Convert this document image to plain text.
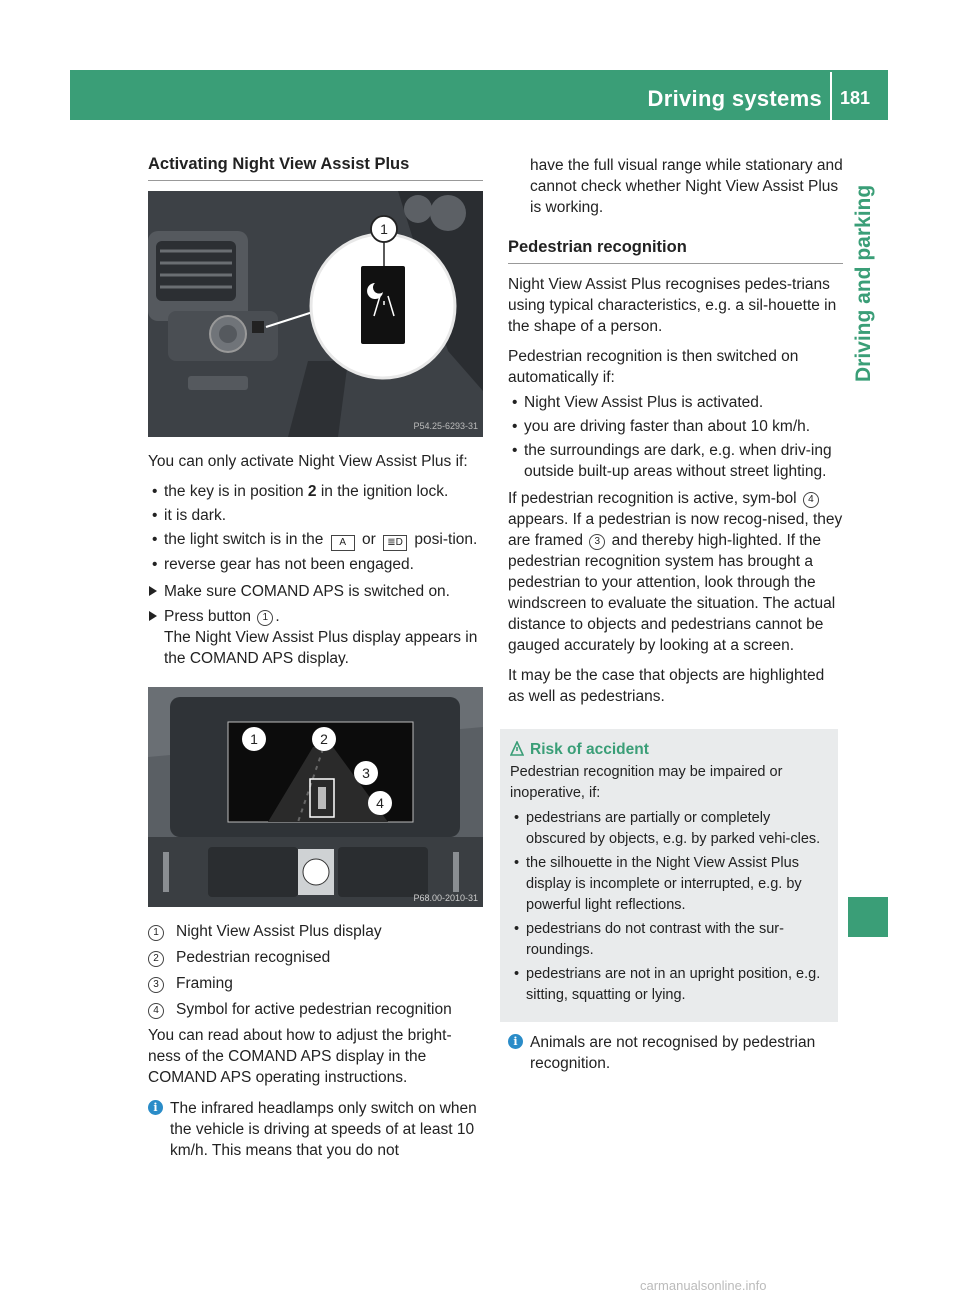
Driving systems 181
Driving and parking
Activating Night View Assist Plus
1
P54.25-6293-31

You can only activate Night View Assist Plus if:

• the key is in position 2 in the ignition lock.
• it is dark.
• the light switch is in the A or ≣D posi-tion.
• reverse gear has not been engaged.
Make sure COMAND APS is switched on.
Press button 1 .
The Night View Assist Plus display appears in the COMAND APS display.
1	2
3
4
P68.00-2010-31
1 Night View Assist Plus display
2 Pedestrian recognised
3 Framing
4 Symbol for active pedestrian recognition

You can read about how to adjust the bright-ness of the COMAND APS display in the COMAND APS operating instructions.

i The infrared headlamps only switch on when the vehicle is driving at speeds of at least 10 km/h. This means that you do not

have the full visual range while stationary and cannot check whether Night View Assist Plus is working.

Pedestrian recognition

Night View Assist Plus recognises pedes-trians using typical characteristics, e.g. a sil-houette in the shape of a person.

Pedestrian recognition is then switched on automatically if:

• Night View Assist Plus is activated.
• you are driving faster than about 10 km/h.
• the surroundings are dark, e.g. when driv-ing outside built-up areas without street lighting.

If pedestrian recognition is active, sym-bol 4 appears. If a pedestrian is now recog-nised, they are framed 3 and thereby high-lighted. If the pedestrian recognition system has brought a pedestrian to your attention, look through the windscreen to evaluate the situation. The actual distance to objects and pedestrians cannot be gauged accurately by looking at a screen.

It may be the case that objects are highlighted as well as pedestrians.

Risk of accident

Pedestrian recognition may be impaired or inoperative, if:

• pedestrians are partially or completely obscured by objects, e.g. by parked vehi-cles.
• the silhouette in the Night View Assist Plus display is incomplete or interrupted, e.g. by powerful light reflections.
• pedestrians do not contrast with the sur-roundings.
• pedestrians are not in an upright position, e.g. sitting, squatting or lying.
i Animals are not recognised by pedestrian recognition.
carmanualsonline.info
